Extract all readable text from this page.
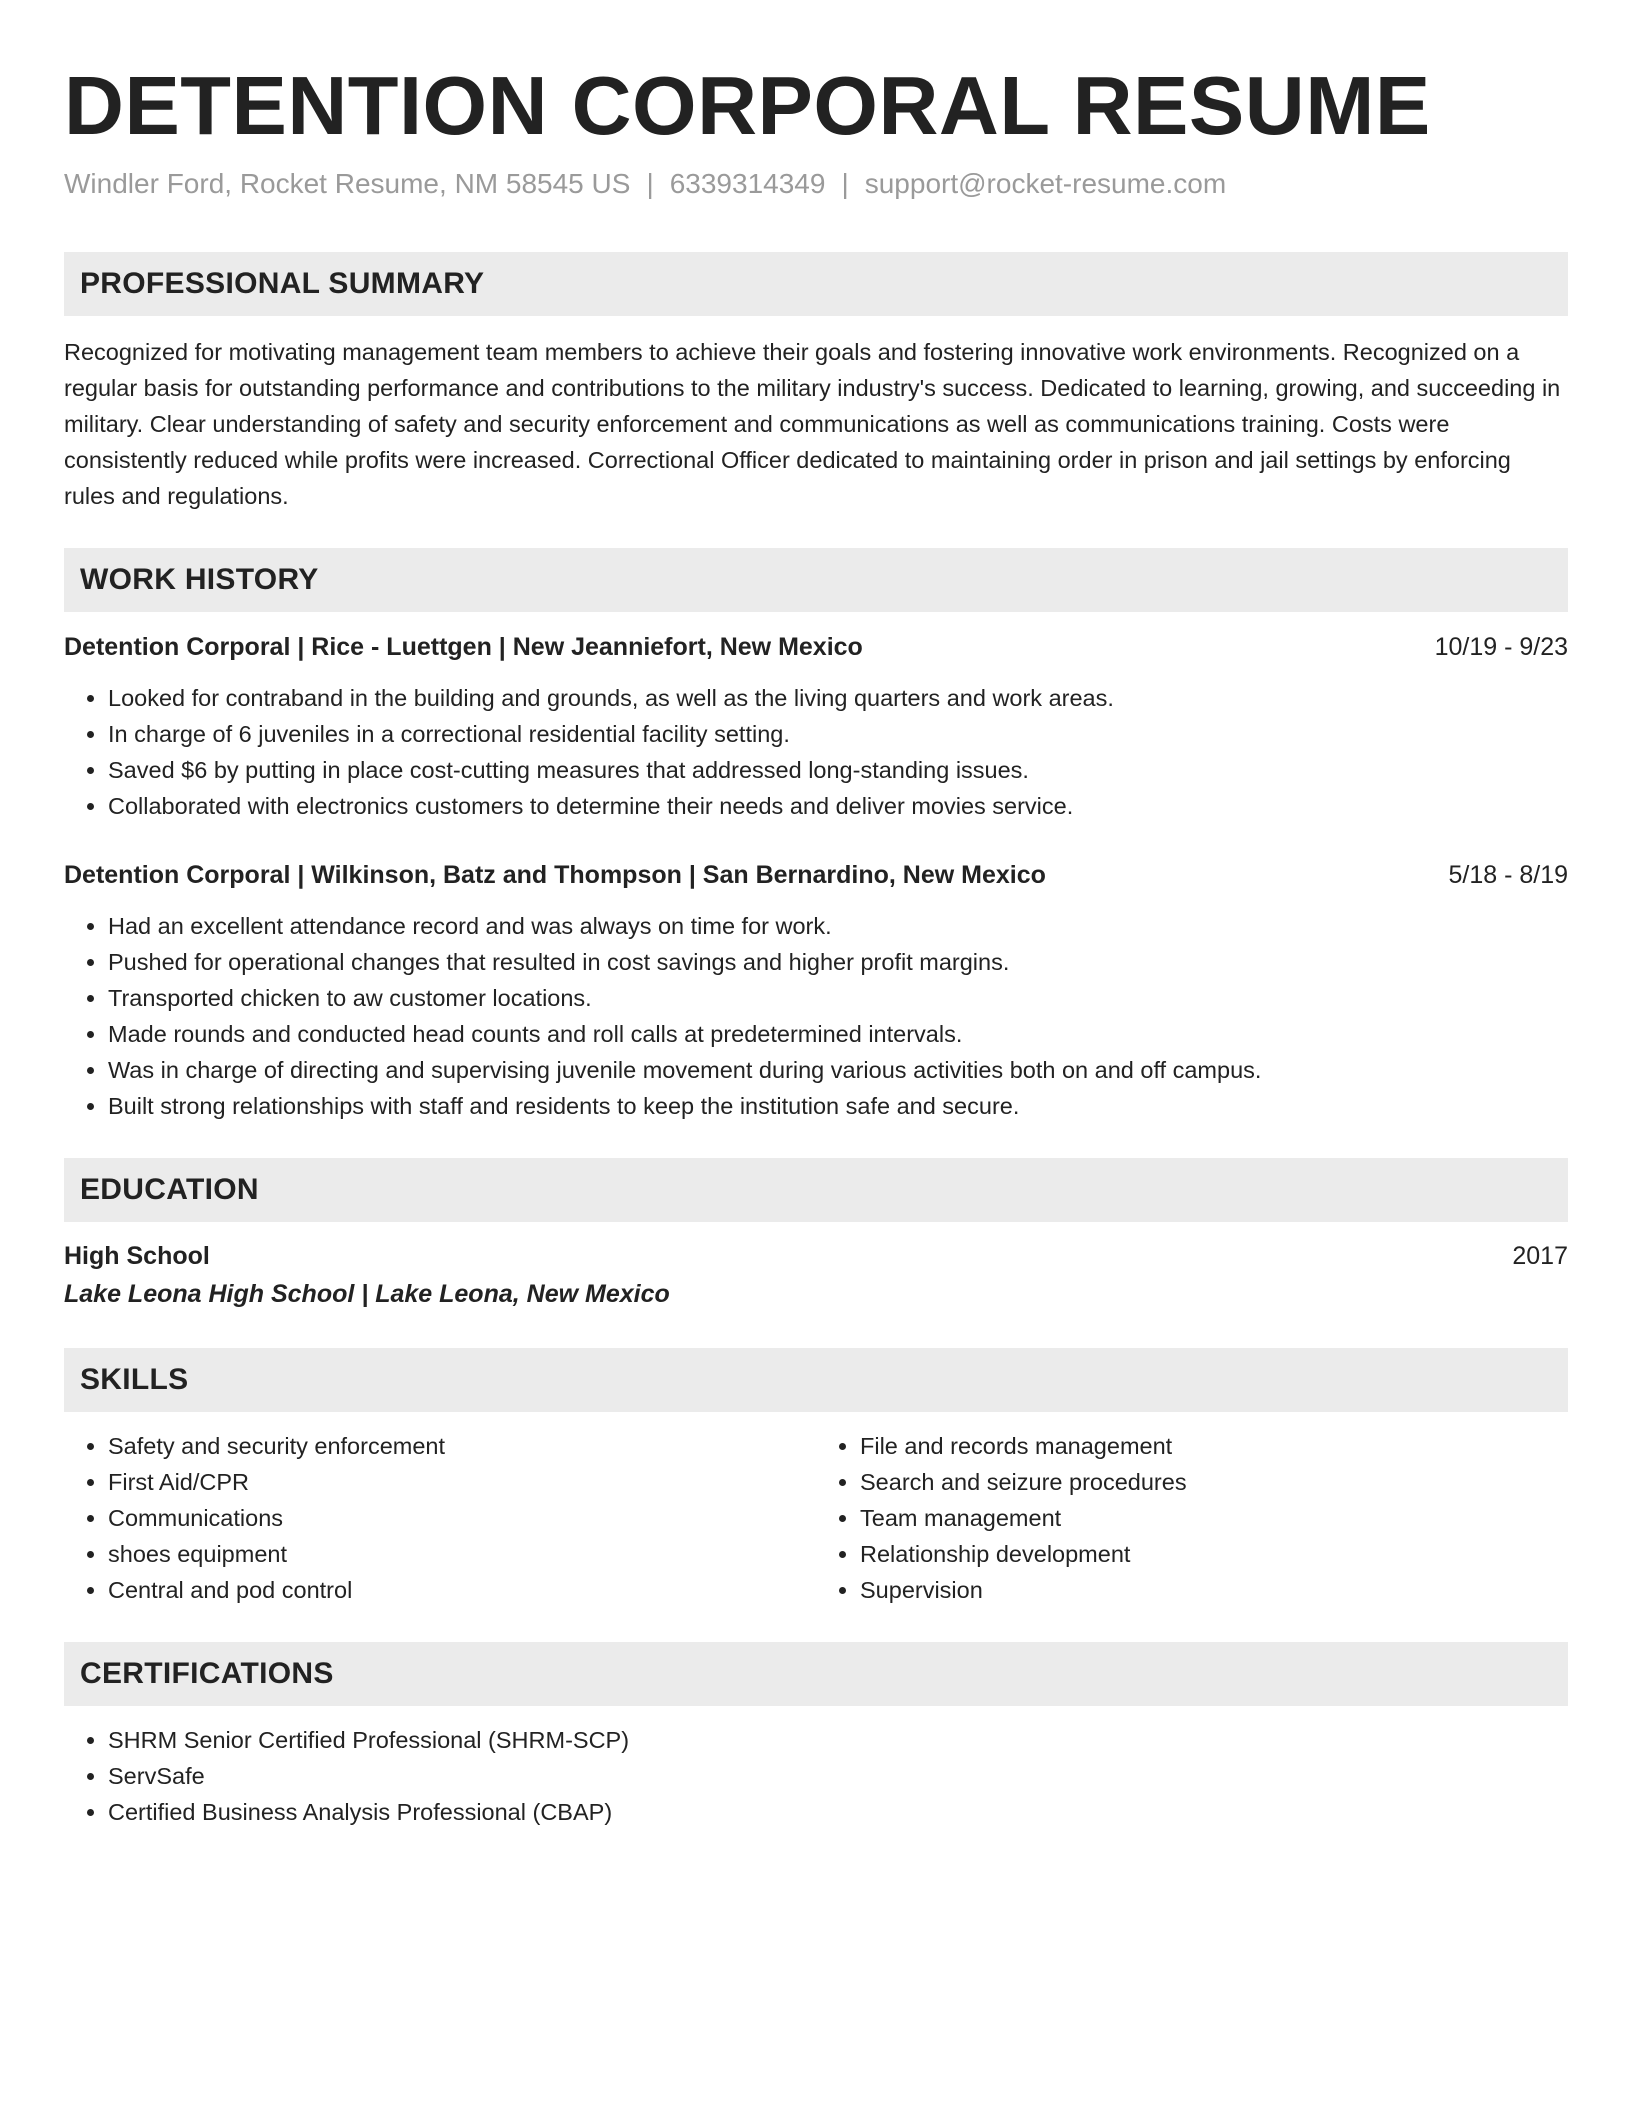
DETENTION CORPORAL RESUME
Windler Ford, Rocket Resume, NM 58545 US | 6339314349 | support@rocket-resume.com
PROFESSIONAL SUMMARY

Recognized for motivating management team members to achieve their goals and fostering innovative work environments. Recognized on a regular basis for outstanding performance and contributions to the military industry's success. Dedicated to learning, growing, and succeeding in military. Clear understanding of safety and security enforcement and communications as well as communications training. Costs were consistently reduced while profits were increased. Correctional Officer dedicated to maintaining order in prison and jail settings by enforcing rules and regulations.

WORK HISTORY
Detention Corporal | Rice - Luettgen | New Jeanniefort, New Mexico	10/19 - 9/23
• Looked for contraband in the building and grounds, as well as the living quarters and work areas.
• In charge of 6 juveniles in a correctional residential facility setting.
• Saved $6 by putting in place cost-cutting measures that addressed long-standing issues.
• Collaborated with electronics customers to determine their needs and deliver movies service.
Detention Corporal | Wilkinson, Batz and Thompson | San Bernardino, New Mexico	5/18 - 8/19
• Had an excellent attendance record and was always on time for work.
• Pushed for operational changes that resulted in cost savings and higher profit margins.
• Transported chicken to aw customer locations.
• Made rounds and conducted head counts and roll calls at predetermined intervals.
• Was in charge of directing and supervising juvenile movement during various activities both on and off campus.
• Built strong relationships with staff and residents to keep the institution safe and secure.
EDUCATION
High School	2017
Lake Leona High School | Lake Leona, New Mexico
SKILLS
• Safety and security enforcement
• First Aid/CPR
• Communications
• shoes equipment
• Central and pod control
• File and records management
• Search and seizure procedures
• Team management
• Relationship development
• Supervision
CERTIFICATIONS
• SHRM Senior Certified Professional (SHRM-SCP)
• ServSafe
• Certified Business Analysis Professional (CBAP)
